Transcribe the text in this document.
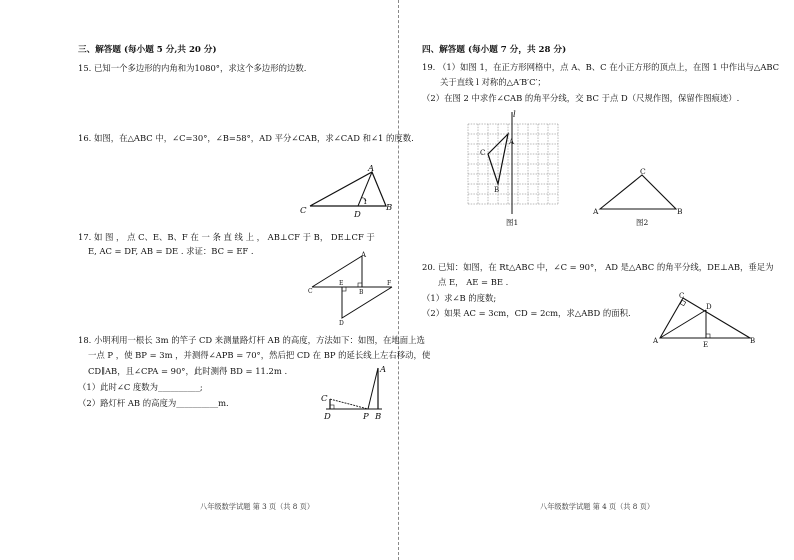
三、解答题 (每小题 5 分,共 20 分)
15. 已知一个多边形的内角和为1080°，求这个多边形的边数.
16. 如图，在△ABC 中，∠C=30°，∠B=58°，AD 平分∠CAB，求∠CAD 和∠1 的度数.
A
C	D
1
B
17. 如 图 ， 点 C、E、B、F 在 一 条 直 线 上 ， AB⊥CF 于 B， DE⊥CF 于
E, AC = DF, AB = DE . 求证：BC = EF .	A
C
E
B
F
D
18. 小明利用一根长 3m 的竿子 CD 来测量路灯杆 AB 的高度，方法如下：如图，在地面上选
一点 P ，使 BP = 3m ，并测得∠APB = 70°，然后把 CD 在 BP 的延长线上左右移动，使
CD∥AB，且∠CPA = 90°，此时测得 BD = 11.2m .
（1）此时∠C 度数为__________;
（2）路灯杆 AB 的高度为__________m.
A
C
D	P B
八年级数学试题 第 3 页（共 8 页）
四、解答题 (每小题 7 分，共 28 分)
19. （1）如图 1，在正方形网格中，点 A、B、C 在小正方形的顶点上，在图 1 中作出与△ABC
关于直线 l 对称的△A′B′C′；
（2）在图 2 中求作∠CAB 的角平分线，交 BC 于点 D（尺规作图，保留作图痕迹）.
l
A
C
B
图1
C
A	B
图2
20. 已知：如图，在 Rt△ABC 中，∠C = 90°， AD 是△ABC 的角平分线，DE⊥AB，垂足为
点 E， AE = BE .
（1）求∠B 的度数;
（2）如果 AC = 3cm，CD = 2cm，求△ABD 的面积.
C
D
A	E	B
八年级数学试题 第 4 页（共 8 页）
